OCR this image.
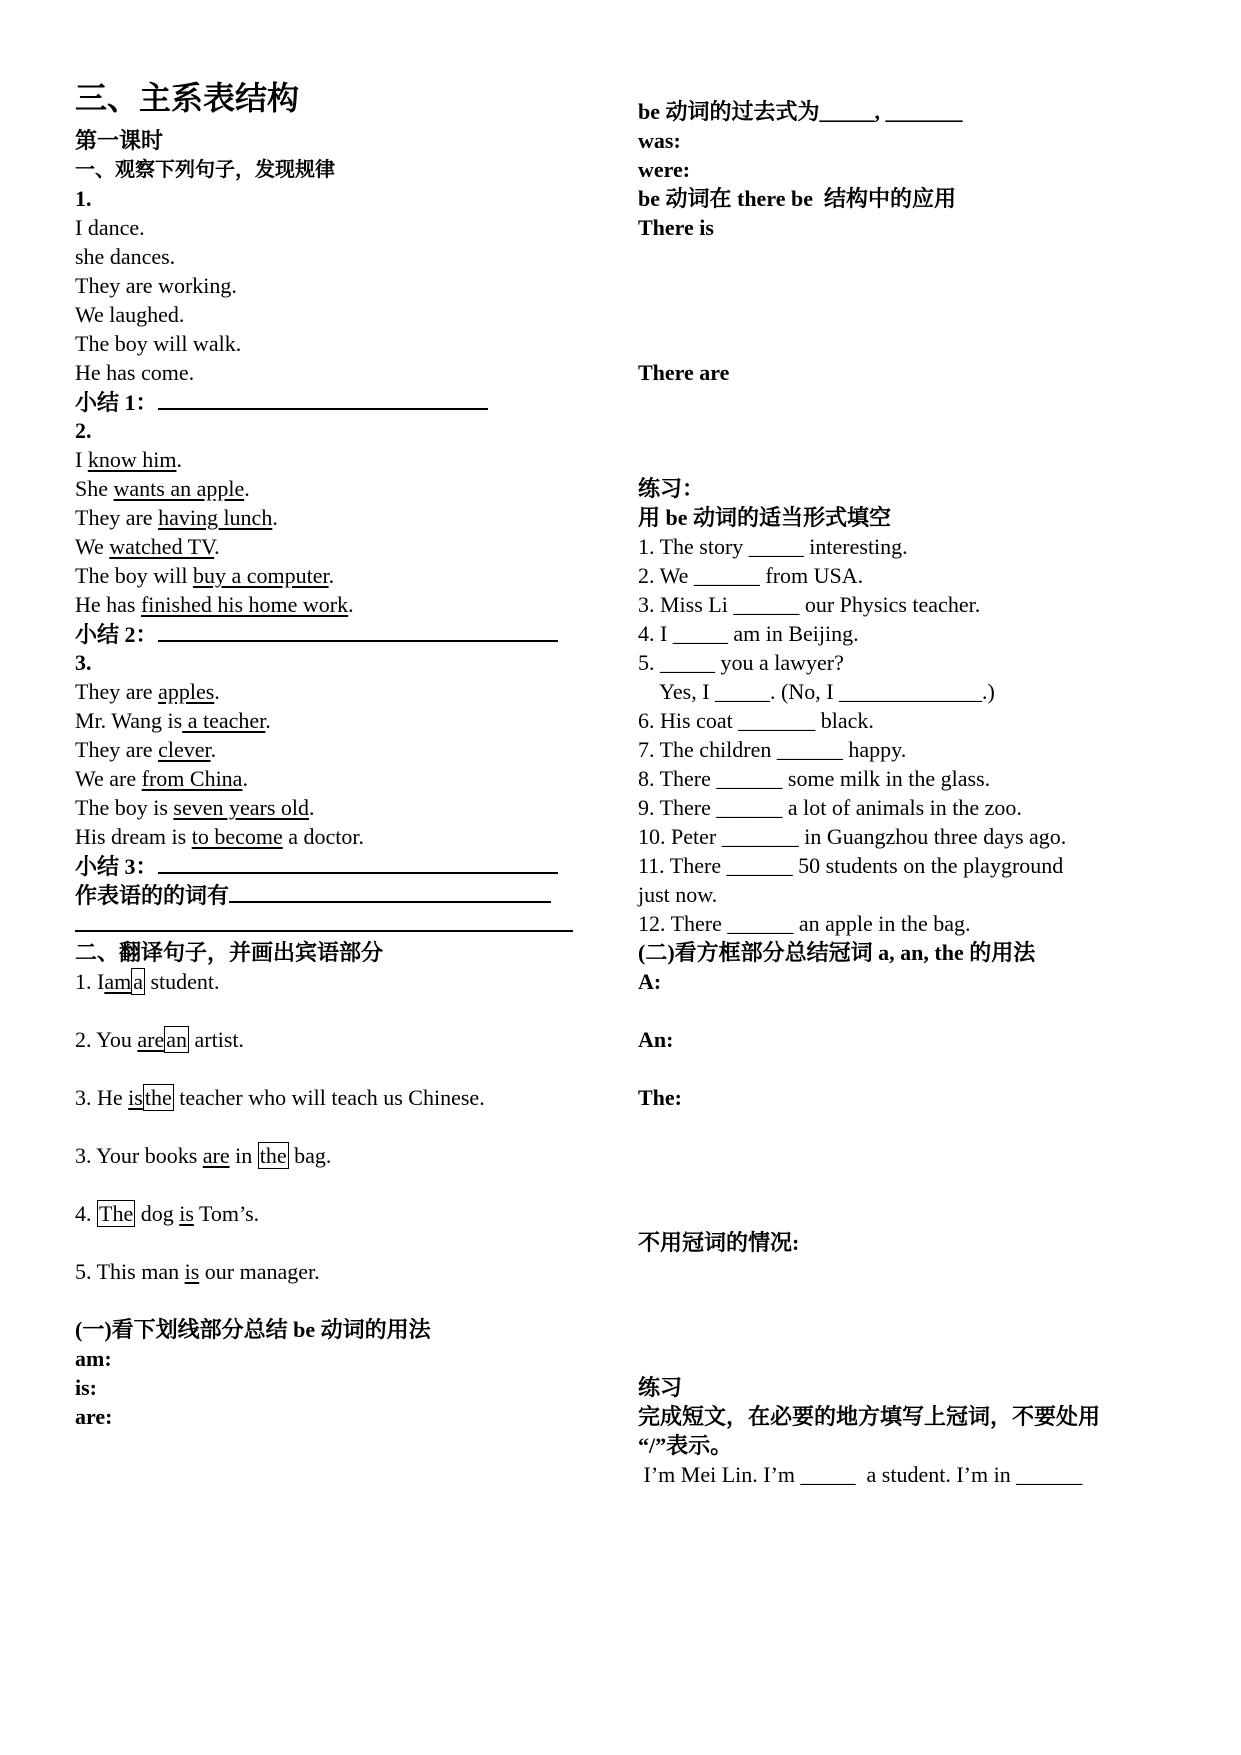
三、主系表结构
第一课时
一、观察下列句子，发现规律
1.
I dance.
she dances.
They are working.
We laughed.
The boy will walk.
He has come.
小结 1：
2.
I know him.
She wants an apple.
They are having lunch.
We watched TV.
The boy will buy a computer.
He has finished his home work.
小结 2：
3.
They are apples.
Mr. Wang is a teacher.
They are clever.
We are from China.
The boy is seven years old.
His dream is to become a doctor.
小结 3：
作表语的的词有
二、翻译句子，并画出宾语部分
1. Iama student.
2. You arean artist.
3. He isthe teacher who will teach us Chinese.
3. Your books are in the bag.
4. The dog is Tom’s.
5. This man is our manager.
(一)看下划线部分总结 be 动词的用法
am:
is:
are:
be 动词的过去式为_____, _______
was:
were:
be 动词在 there be  结构中的应用
There is
There are
练习：
用 be 动词的适当形式填空
1. The story _____ interesting.
2. We ______ from USA.
3. Miss Li ______ our Physics teacher.
4. I _____ am in Beijing.
5. _____ you a lawyer?
Yes, I _____. (No, I _____________.)
6. His coat _______ black.
7. The children ______ happy.
8. There ______ some milk in the glass.
9. There ______ a lot of animals in the zoo.
10. Peter _______ in Guangzhou three days ago.
11. There ______ 50 students on the playground
just now.
12. There ______ an apple in the bag.
(二)看方框部分总结冠词 a, an, the 的用法
A:
An:
The:
不用冠词的情况:
练习
完成短文，在必要的地方填写上冠词，不要处用
“/”表示。
I’m Mei Lin. I’m _____  a student. I’m in ______
